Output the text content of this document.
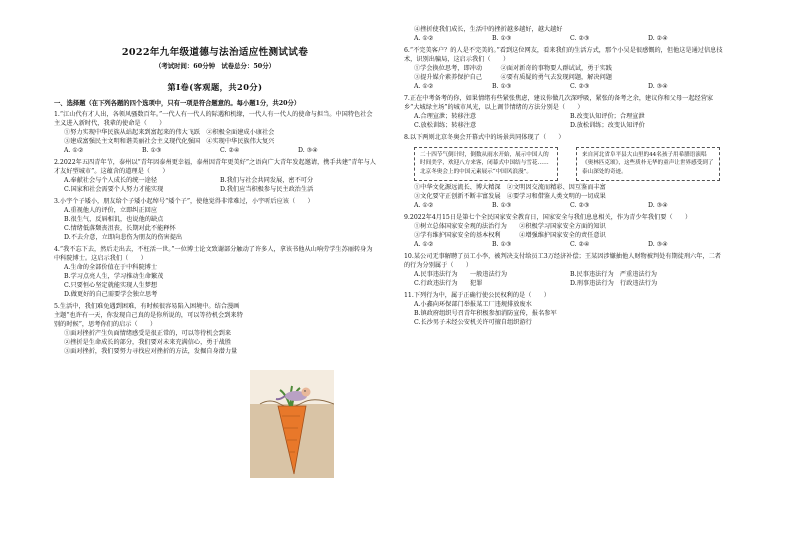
2022年九年级道德与法治适应性测试试卷
（考试时间：60分钟　试卷总分：50分）
第Ⅰ卷(客观题，共20分)
一、选择题（在下列各题的四个选项中，只有一项是符合题意的。每小题1分，共20分）

1.“江山代有才人出，各领风骚数百年。”一代人有一代人的际遇和机缘，一代人有一代人的使命与担当。中国特色社会主义进入新时代，我辈的使命是（　　）

①努力实现中华民族从站起来到富起来的伟大飞跃　②积极全面建成小康社会

③建成富强民主文明和谐美丽社会主义现代化强国　④实现中华民族伟大复兴

A. ①②	B. ①③	C. ②④	D. ③④

2.2022年五四青年节，泰州以“青年因泰州更幸福，泰州因青年更美好”之语向广大青年发起邀请，携手共建“青年与人才友好型城市”。这蕴含的道理是（　　）

A.奉献社会与个人成长的统一途径	B.我们与社会共同发展，密不可分
C.国家和社会需要个人努力才能实现	D.我们应当积极参与民主政治生活

3.小宇个子矮小，朋友给个子矮小起绰号“矮个子”，使他觉得非常难过，小宇听后应该（　　）

A.重视他人的评价，立即纠正回应

B.很生气，反唇相讥，也说他的缺点

C.情绪低落颓丧沮丧，长期对此不能释怀

D.不去介意，立即向悲伤为朋友的伤害提出

4.“我不忘下去，然后走出去，不枉活一世。”一位博士论文致谢部分触动了许多人，拿该书他从山响劳学生苏丽转身为中科院博士。这启示我们（　　）

A.生命的全部价值在于中科院博士

B.学习点亮人生，学习推动生命繁茂

C.只要恒心坚定就能实现人生梦想

D.做更好的自己需要学会独立思考

5.生活中，我们难免遇到困难，有时候很容易陷入困境中。结合漫画主题“也许有一天，你发现自己真的是你所说的，可以等待机会到来特别的时候”，思考你们的启示（　　）

①面对挫折产生负面情绪感受是很正常的，可以等待机会到来

②挫折是生命成长的部分，我们要对未来充满信心，勇于战胜

③面对挫折，我们要努力寻找应对挫折的方法，发掘自身潜力量

④挫折使我们成长，生活中的挫折越多越好，越大越好

A. ①②	B. ①③	C. ②③	D. ②④

6.“不完美客户？的人是不完美的。”看到这位网友，看来我们的生活方式，那个小吴是很感慨的，但他这是通过信息技术，识别出骗局，这启示我们（　　）

①学会换位思考，即冲动　　　②面对新奇的事物要人群试试，勇于实践

③提升媒介素养保护自己　　　④要有质疑的勇气去发现问题，解决问题

A. ①②	B. ①③	C. ②③	D. ③④

7.正在中考备考的你，如果情绪有些紧张焦虑，建议你做几次深呼吸，紧张的备考之余，建议你和父母一起经营家乡“大城绿主场”的城市风光，以上调节情绪的方法分别是（　　）

A.合理宣泄；转移注意	B.改变认知评价；合理宣泄
C.放松训练；转移注意	D.放松训练；改变认知评价

8.以下两则北京冬奥会开幕式中的场景共同体现了（　　）

二十四节气倒计时，倒数从雨水开始，展示中国人的时间美学，欢迎八方来客，闭幕式中国结与雪花……北京冬奥会上的中国元素展示“中国风浪漫”。
来自河北省阜平县大山里的44名孩子用希腊语演唱《奥林匹克颂》，这些质朴无华的童声让世界感受到了泰山深处的奇迹。

①中华文化源远流长、博大精深　②文明因交流而精彩、因互鉴而丰富

③文化要守正创新不断丰富发展　④要学习和借鉴人类文明的一切成果

A. ①②	B. ①③	C. ②③	D. ③④

9.2022年4月15日是第七个全民国家安全教育日，国家安全与我们息息相关，作为青少年我们要（　　）

①树立总体国家安全观的法治行为　　②积极学习国家安全方面的知识

③学有维护国家安全的基本权利　　　④增强维护国家安全的责任意识

A. ①②	B. ①③	C. ②④	D. ③④

10.某公司无事解聘了员工小李，被判决支付给员工3万经济补偿；王某因涉嫌抽他人财物被判处有期徒刑六年，二者的行为分别属于（　　）

A.民事违法行为　　一般违法行为	B.民事违法行为　严重违法行为
C.行政违法行为　　犯罪	D.刑事违法行为　行政违法行为

11.下列行为中，属于正确行使公民权利的是（　　）

A.小鑫向环保部门举报某工厂违规排放废水

B.镇政府组织号召青年积极参加消防宣传，报名参军

C.长沙男子未经公安机关许可擅自组织游行
